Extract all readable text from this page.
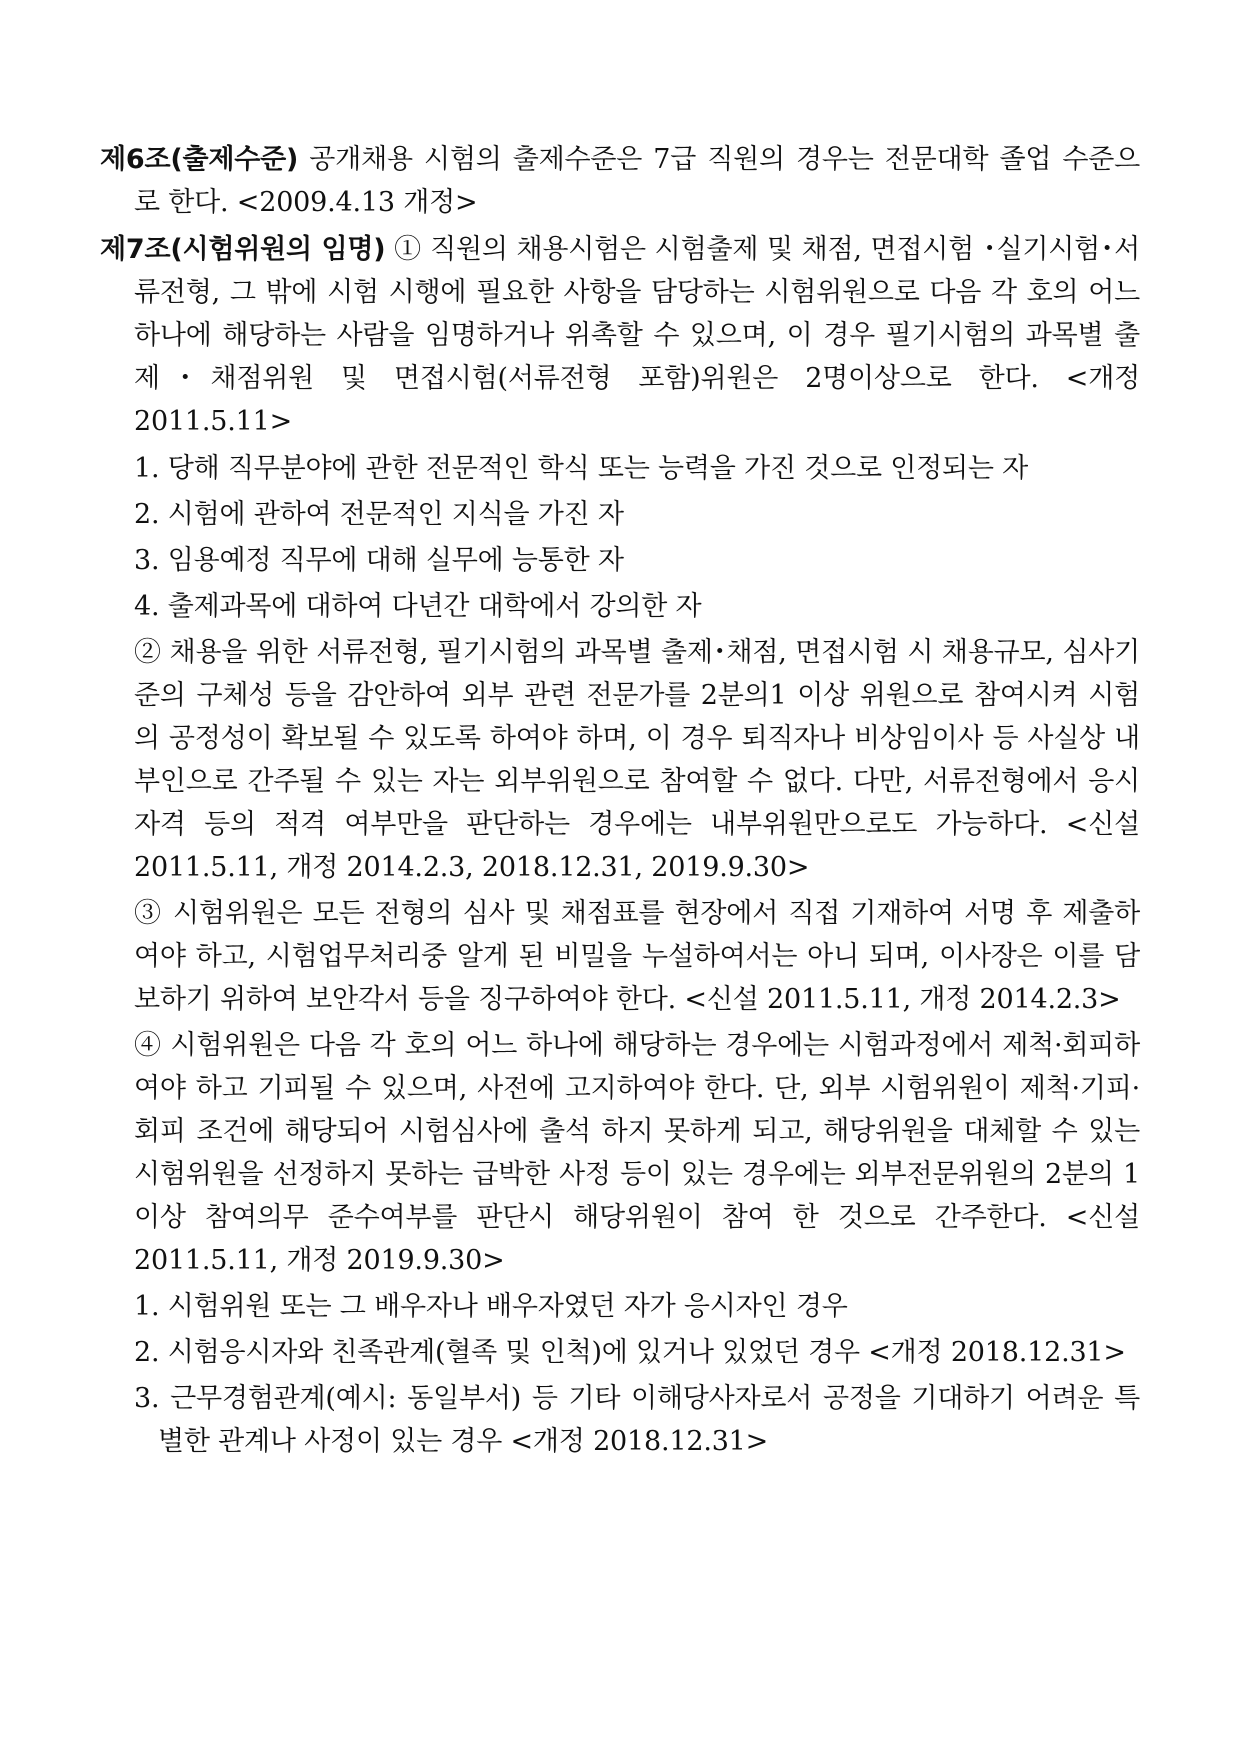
제6조(출제수준) 공개채용 시험의 출제수준은 7급 직원의 경우는 전문대학 졸업 수준으로 한다. <2009.4.13 개정>

제7조(시험위원의 임명) ① 직원의 채용시험은 시험출제 및 채점, 면접시험 ･실기시험･서류전형, 그 밖에 시험 시행에 필요한 사항을 담당하는 시험위원으로 다음 각 호의 어느 하나에 해당하는 사람을 임명하거나 위촉할 수 있으며, 이 경우 필기시험의 과목별 출제･채점위원 및 면접시험(서류전형 포함)위원은 2명이상으로 한다. <개정 2011.5.11>

1. 당해 직무분야에 관한 전문적인 학식 또는 능력을 가진 것으로 인정되는 자

2. 시험에 관하여 전문적인 지식을 가진 자

3. 임용예정 직무에 대해 실무에 능통한 자

4. 출제과목에 대하여 다년간 대학에서 강의한 자

② 채용을 위한 서류전형, 필기시험의 과목별 출제･채점, 면접시험 시 채용규모, 심사기준의 구체성 등을 감안하여 외부 관련 전문가를 2분의1 이상 위원으로 참여시켜 시험의 공정성이 확보될 수 있도록 하여야 하며, 이 경우 퇴직자나 비상임이사 등 사실상 내부인으로 간주될 수 있는 자는 외부위원으로 참여할 수 없다. 다만, 서류전형에서 응시자격 등의 적격 여부만을 판단하는 경우에는 내부위원만으로도 가능하다. <신설 2011.5.11, 개정 2014.2.3, 2018.12.31, 2019.9.30>

③ 시험위원은 모든 전형의 심사 및 채점표를 현장에서 직접 기재하여 서명 후 제출하여야 하고, 시험업무처리중 알게 된 비밀을 누설하여서는 아니 되며, 이사장은 이를 담보하기 위하여 보안각서 등을 징구하여야 한다. <신설 2011.5.11, 개정 2014.2.3>

④ 시험위원은 다음 각 호의 어느 하나에 해당하는 경우에는 시험과정에서 제척·회피하여야 하고 기피될 수 있으며, 사전에 고지하여야 한다. 단, 외부 시험위원이 제척·기피·회피 조건에 해당되어 시험심사에 출석 하지 못하게 되고, 해당위원을 대체할 수 있는 시험위원을 선정하지 못하는 급박한 사정 등이 있는 경우에는 외부전문위원의 2분의 1이상 참여의무 준수여부를 판단시 해당위원이 참여 한 것으로 간주한다. <신설 2011.5.11, 개정 2019.9.30>

1. 시험위원 또는 그 배우자나 배우자였던 자가 응시자인 경우

2. 시험응시자와 친족관계(혈족 및 인척)에 있거나 있었던 경우 <개정 2018.12.31>

3. 근무경험관계(예시: 동일부서) 등 기타 이해당사자로서 공정을 기대하기 어려운 특별한 관계나 사정이 있는 경우 <개정 2018.12.31>
